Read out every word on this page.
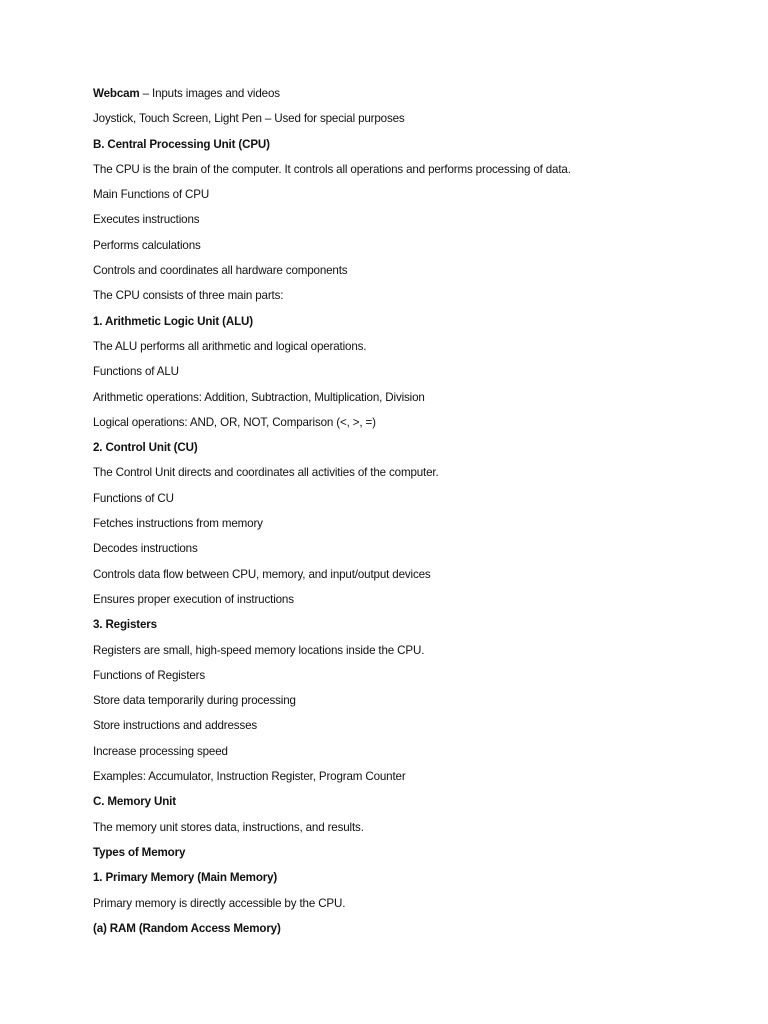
Webcam – Inputs images and videos
Joystick, Touch Screen, Light Pen – Used for special purposes
B. Central Processing Unit (CPU)
The CPU is the brain of the computer. It controls all operations and performs processing of data.
Main Functions of CPU
Executes instructions
Performs calculations
Controls and coordinates all hardware components
The CPU consists of three main parts:
1. Arithmetic Logic Unit (ALU)
The ALU performs all arithmetic and logical operations.
Functions of ALU
Arithmetic operations: Addition, Subtraction, Multiplication, Division
Logical operations: AND, OR, NOT, Comparison (<, >, =)
2. Control Unit (CU)
The Control Unit directs and coordinates all activities of the computer.
Functions of CU
Fetches instructions from memory
Decodes instructions
Controls data flow between CPU, memory, and input/output devices
Ensures proper execution of instructions
3. Registers
Registers are small, high-speed memory locations inside the CPU.
Functions of Registers
Store data temporarily during processing
Store instructions and addresses
Increase processing speed
Examples: Accumulator, Instruction Register, Program Counter
C. Memory Unit
The memory unit stores data, instructions, and results.
Types of Memory
1. Primary Memory (Main Memory)
Primary memory is directly accessible by the CPU.
(a) RAM (Random Access Memory)
